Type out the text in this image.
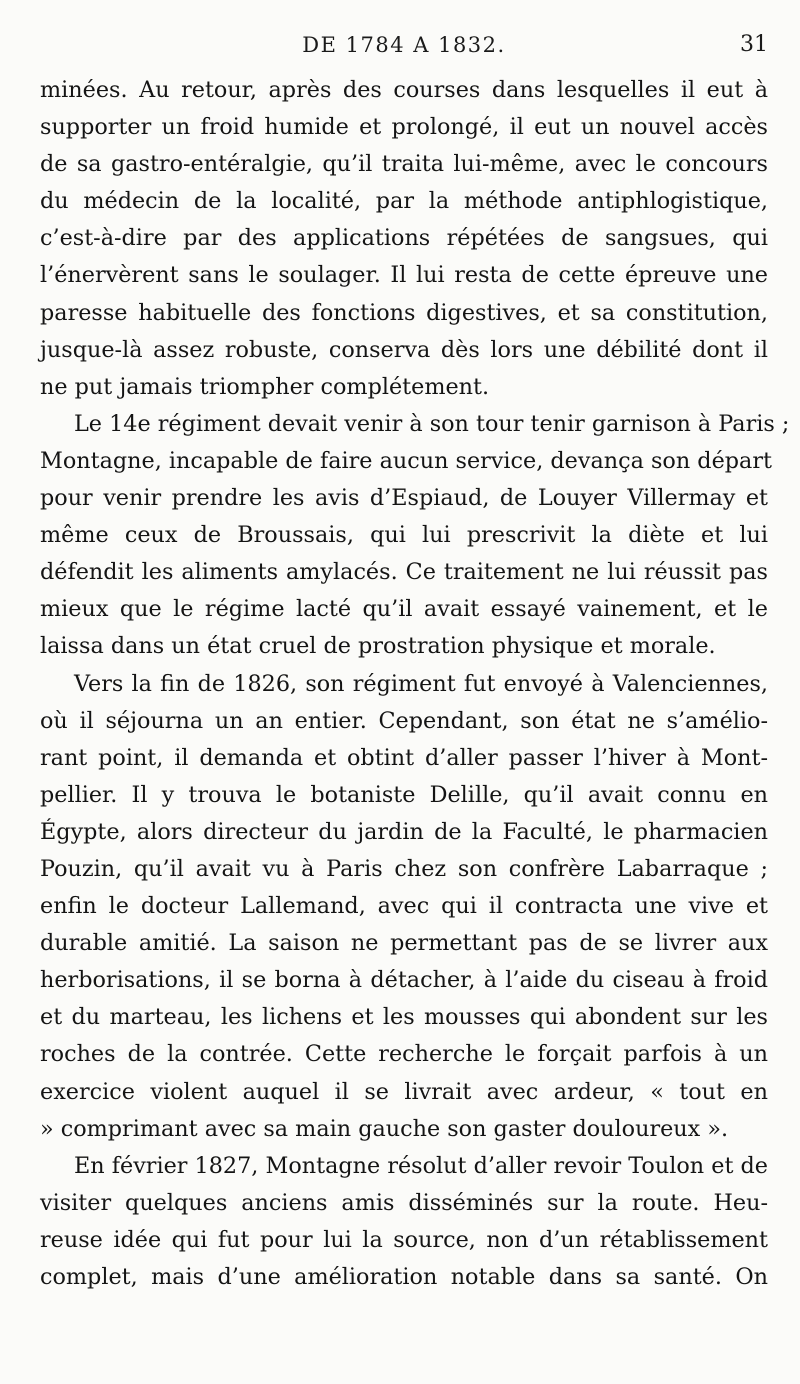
DE 1784 A 1832.	31
minées. Au retour, après des courses dans lesquelles il eut à
supporter un froid humide et prolongé, il eut un nouvel accès
de sa gastro-entéralgie, qu’il traita lui-même, avec le concours
du médecin de la localité, par la méthode antiphlogistique,
c’est-à-dire par des applications répétées de sangsues, qui
l’énervèrent sans le soulager. Il lui resta de cette épreuve une
paresse habituelle des fonctions digestives, et sa constitution,
jusque-là assez robuste, conserva dès lors une débilité dont il
ne put jamais triompher complétement.
Le 14e régiment devait venir à son tour tenir garnison à Paris ;
Montagne, incapable de faire aucun service, devança son départ
pour venir prendre les avis d’Espiaud, de Louyer Villermay et
même ceux de Broussais, qui lui prescrivit la diète et lui
défendit les aliments amylacés. Ce traitement ne lui réussit pas
mieux que le régime lacté qu’il avait essayé vainement, et le
laissa dans un état cruel de prostration physique et morale.
Vers la fin de 1826, son régiment fut envoyé à Valenciennes,
où il séjourna un an entier. Cependant, son état ne s’amélio-
rant point, il demanda et obtint d’aller passer l’hiver à Mont-
pellier. Il y trouva le botaniste Delille, qu’il avait connu en
Égypte, alors directeur du jardin de la Faculté, le pharmacien
Pouzin, qu’il avait vu à Paris chez son confrère Labarraque ;
enfin le docteur Lallemand, avec qui il contracta une vive et
durable amitié. La saison ne permettant pas de se livrer aux
herborisations, il se borna à détacher, à l’aide du ciseau à froid
et du marteau, les lichens et les mousses qui abondent sur les
roches de la contrée. Cette recherche le forçait parfois à un
exercice violent auquel il se livrait avec ardeur, « tout en
» comprimant avec sa main gauche son gaster douloureux ».
En février 1827, Montagne résolut d’aller revoir Toulon et de
visiter quelques anciens amis disséminés sur la route. Heu-
reuse idée qui fut pour lui la source, non d’un rétablissement
complet, mais d’une amélioration notable dans sa santé. On
